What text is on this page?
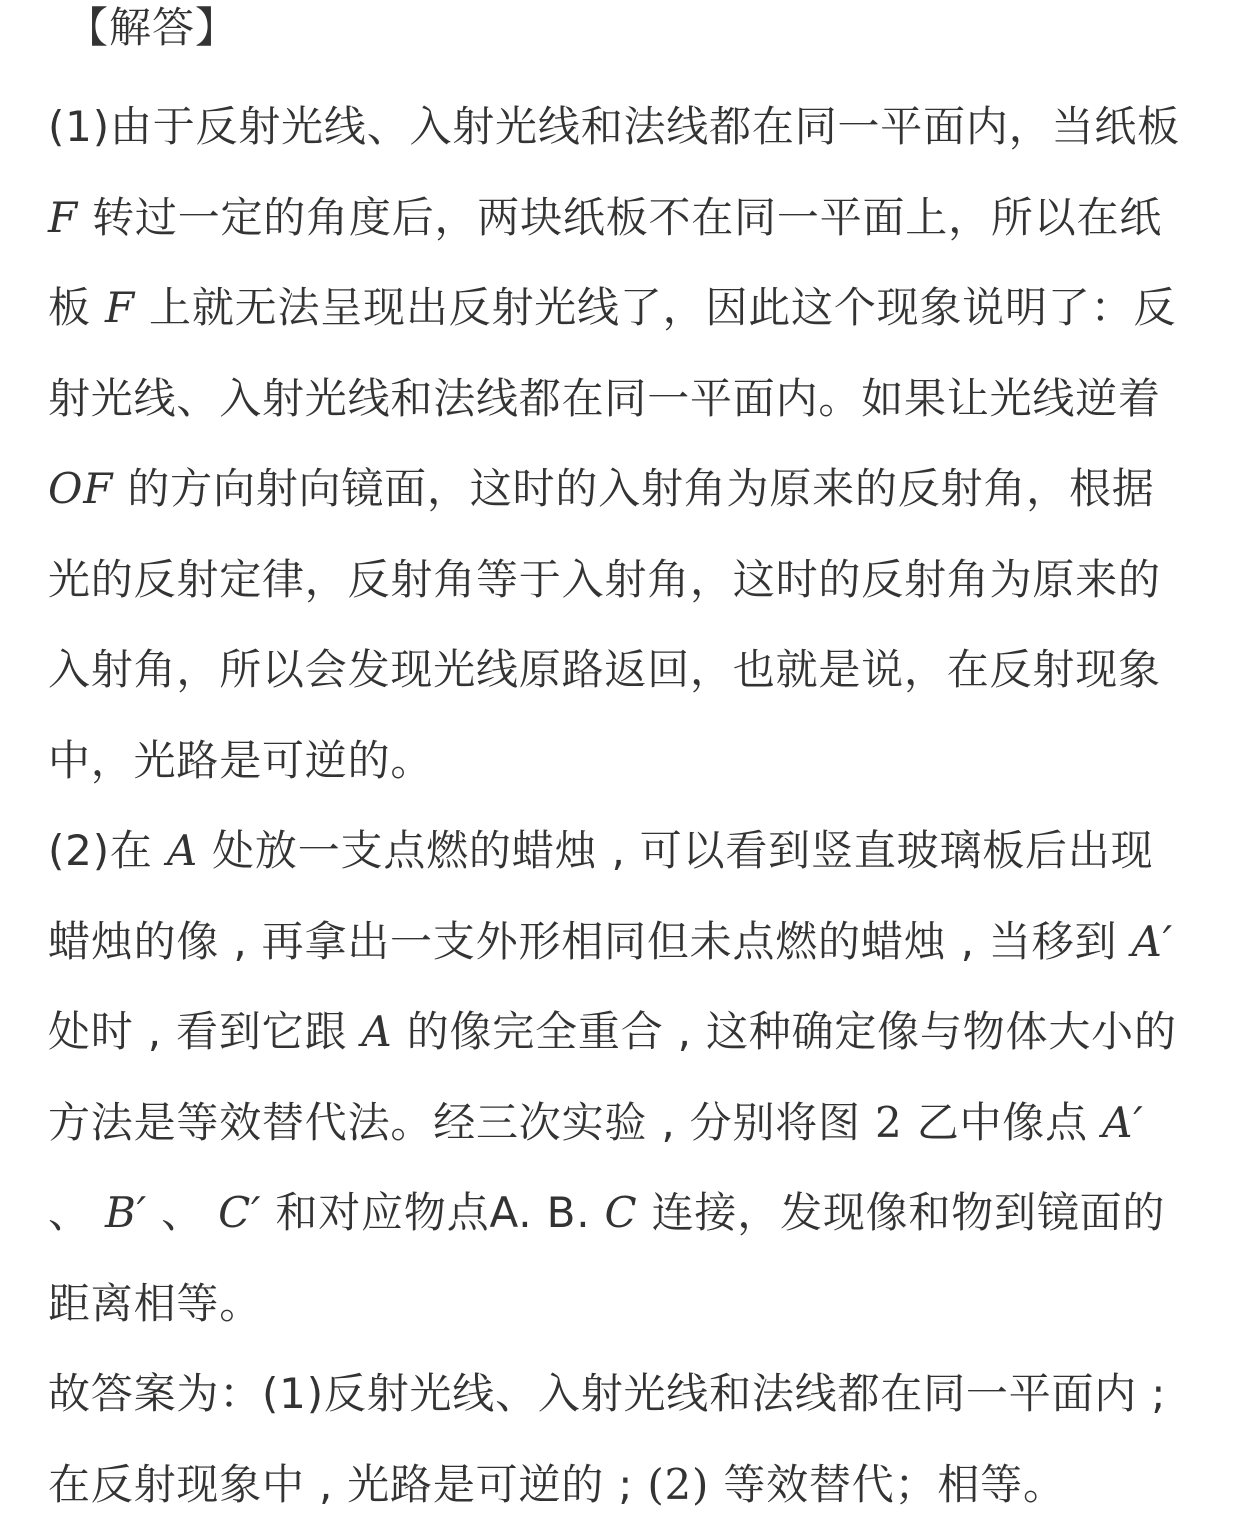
【解答】

(1)由于反射光线、入射光线和法线都在同一平面内，当纸板 F 转过一定的角度后，两块纸板不在同一平面上，所以在纸板 F 上就无法呈现出反射光线了，因此这个现象说明了：反射光线、入射光线和法线都在同一平面内。如果让光线逆着 OF 的方向射向镜面，这时的入射角为原来的反射角，根据光的反射定律，反射角等于入射角，这时的反射角为原来的入射角，所以会发现光线原路返回，也就是说，在反射现象中，光路是可逆的。

(2)在 A 处放一支点燃的蜡烛 , 可以看到竖直玻璃板后出现蜡烛的像 , 再拿出一支外形相同但未点燃的蜡烛 , 当移到 A′ 处时 , 看到它跟 A 的像完全重合 , 这种确定像与物体大小的方法是等效替代法。经三次实验 , 分别将图 2 乙中像点 A′ 、 B′ 、 C′ 和对应物点A. B. C 连接，发现像和物到镜面的距离相等。

故答案为：(1)反射光线、入射光线和法线都在同一平面内 ; 在反射现象中 , 光路是可逆的 ; (2) 等效替代；相等。
